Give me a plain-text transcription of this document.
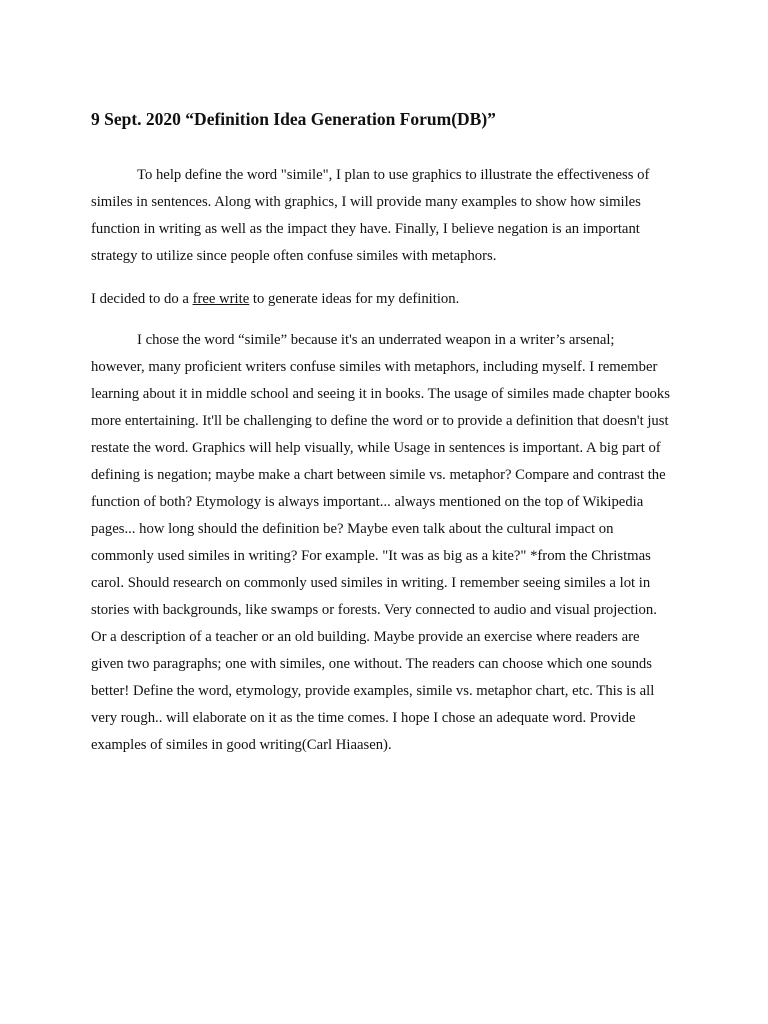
9 Sept. 2020 “Definition Idea Generation Forum(DB)”

To help define the word "simile", I plan to use graphics to illustrate the effectiveness of similes in sentences. Along with graphics, I will provide many examples to show how similes function in writing as well as the impact they have. Finally, I believe negation is an important strategy to utilize since people often confuse similes with metaphors.

I decided to do a free write to generate ideas for my definition.

I chose the word “simile” because it's an underrated weapon in a writer’s arsenal; however, many proficient writers confuse similes with metaphors, including myself. I remember learning about it in middle school and seeing it in books. The usage of similes made chapter books more entertaining. It'll be challenging to define the word or to provide a definition that doesn't just restate the word. Graphics will help visually, while Usage in sentences is important. A big part of defining is negation; maybe make a chart between simile vs. metaphor? Compare and contrast the function of both? Etymology is always important... always mentioned on the top of Wikipedia pages... how long should the definition be? Maybe even talk about the cultural impact on commonly used similes in writing? For example. "It was as big as a kite?" *from the Christmas carol. Should research on commonly used similes in writing. I remember seeing similes a lot in stories with backgrounds, like swamps or forests. Very connected to audio and visual projection. Or a description of a teacher or an old building. Maybe provide an exercise where readers are given two paragraphs; one with similes, one without. The readers can choose which one sounds better! Define the word, etymology, provide examples, simile vs. metaphor chart, etc. This is all very rough.. will elaborate on it as the time comes. I hope I chose an adequate word. Provide examples of similes in good writing(Carl Hiaasen).
